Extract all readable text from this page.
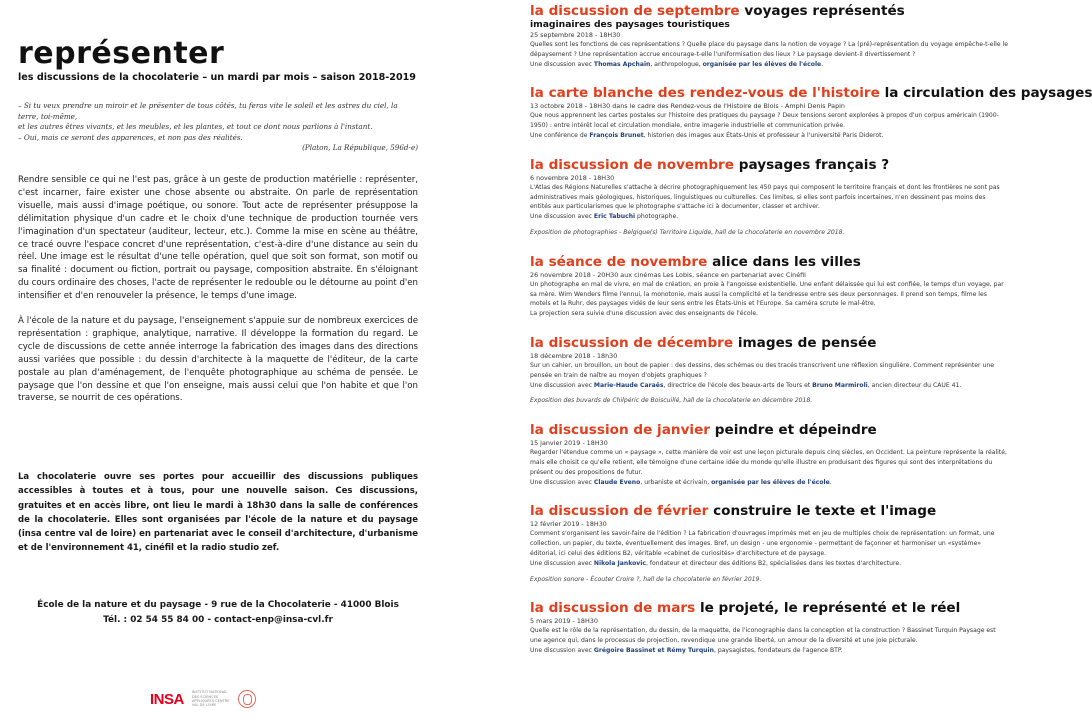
représenter
les discussions de la chocolaterie – un mardi par mois – saison 2018-2019

– Si tu veux prendre un miroir et le présenter de tous côtés, tu feras vite le soleil et les astres du ciel, la terre, toi-même,

et les autres êtres vivants, et les meubles, et les plantes, et tout ce dont nous parlions à l'instant.

– Oui, mais ce seront des apparences, et non pas des réalités.

(Platon, La République, 596d-e)

Rendre sensible ce qui ne l'est pas, grâce à un geste de production matérielle : représenter, c'est incarner, faire exister une chose absente ou abstraite. On parle de représentation visuelle, mais aussi d'image poétique, ou sonore. Tout acte de représenter présuppose la délimitation physique d'un cadre et le choix d'une technique de production tournée vers l'imagination d'un spectateur (auditeur, lecteur, etc.). Comme la mise en scène au théâtre, ce tracé ouvre l'espace concret d'une représentation, c'est-à-dire d'une distance au sein du réel. Une image est le résultat d'une telle opération, quel que soit son format, son motif ou sa finalité : document ou fiction, portrait ou paysage, composition abstraite. En s'éloignant du cours ordinaire des choses, l'acte de représenter le redouble ou le détourne au point d'en intensifier et d'en renouveler la présence, le temps d'une image.

À l'école de la nature et du paysage, l'enseignement s'appuie sur de nombreux exercices de représentation : graphique, analytique, narrative. Il développe la formation du regard. Le cycle de discussions de cette année interroge la fabrication des images dans des directions aussi variées que possible : du dessin d'architecte à la maquette de l'éditeur, de la carte postale au plan d'aménagement, de l'enquête photographique au schéma de pensée. Le paysage que l'on dessine et que l'on enseigne, mais aussi celui que l'on habite et que l'on traverse, se nourrit de ces opérations.

La chocolaterie ouvre ses portes pour accueillir des discussions publiques accessibles à toutes et à tous, pour une nouvelle saison. Ces discussions, gratuites et en accès libre, ont lieu le mardi à 18h30 dans la salle de conférences de la chocolaterie. Elles sont organisées par l'école de la nature et du paysage (insa centre val de loire) en partenariat avec le conseil d'architecture, d'urbanisme et de l'environnement 41, cinéfil et la radio studio zef.
École de la nature et du paysage - 9 rue de la Chocolaterie - 41000 Blois
Tél. : 02 54 55 84 00 - contact-enp@insa-cvl.fr
INSA INSTITUT NATIONAL DES SCIENCES APPLIQUÉES CENTRE VAL DE LOIRE
la discussion de septembre voyages représentés
imaginaires des paysages touristiques
25 septembre 2018 - 18H30

Quelles sont les fonctions de ces représentations ? Quelle place du paysage dans la notion de voyage ? La (pré)-représentation du voyage empêche-t-elle le dépaysement ? Une représentation accrue encourage-t-elle l'uniformisation des lieux ? Le paysage devient-il divertissement ?

Une discussion avec Thomas Apchain, anthropologue, organisée par les élèves de l'école.

la carte blanche des rendez-vous de l'histoire la circulation des paysages
13 octobre 2018 - 18H30 dans le cadre des Rendez-vous de l'Histoire de Blois - Amphi Denis Papin

Que nous apprennent les cartes postales sur l'histoire des pratiques du paysage ? Deux tensions seront explorées à propos d'un corpus américain (1900-1950) : entre intérêt local et circulation mondiale, entre imagerie industrielle et communication privée.

Une conférence de François Brunet, historien des images aux États-Unis et professeur à l'université Paris Diderot.

la discussion de novembre paysages français ?
6 novembre 2018 - 18H30

L'Atlas des Régions Naturelles s'attache à décrire photographiquement les 450 pays qui composent le territoire français et dont les frontières ne sont pas administratives mais géologiques, historiques, linguistiques ou culturelles. Ces limites, si elles sont parfois incertaines, n'en dessinent pas moins des entités aux particularismes que le photographe s'attache ici à documenter, classer et archiver.

Une discussion avec Eric Tabuchi photographe.

Exposition de photographies - Belgique(s) Territoire Liquide, hall de la chocolaterie en novembre 2018.
la séance de novembre alice dans les villes
26 novembre 2018 - 20H30 aux cinémas Les Lobis, séance en partenariat avec Cinéfil

Un photographe en mal de vivre, en mal de création, en proie à l'angoisse existentielle. Une enfant délaissée qui lui est confiée, le temps d'un voyage, par sa mère. Wim Wenders filme l'ennui, la monotonie, mais aussi la complicité et la tendresse entre ses deux personnages. Il prend son temps, filme les motels et la Ruhr, des paysages vidés de leur sens entre les États-Unis et l'Europe. Sa caméra scrute le mal-être.

La projection sera suivie d'une discussion avec des enseignants de l'école.

la discussion de décembre images de pensée
18 décembre 2018 - 18h30

Sur un cahier, un brouillon, un bout de papier : des dessins, des schémas ou des tracés transcrivent une réflexion singulière. Comment représenter une pensée en train de naître au moyen d'objets graphiques ?

Une discussion avec Marie-Haude Caraës, directrice de l'école des beaux-arts de Tours et Bruno Marmiroli, ancien directeur du CAUE 41.

Exposition des buvards de Chilpéric de Boiscuillé, hall de la chocolaterie en décembre 2018.
la discussion de janvier peindre et dépeindre
15 janvier 2019 - 18H30

Regarder l'étendue comme un « paysage », cette manière de voir est une leçon picturale depuis cinq siècles, en Occident. La peinture représente la réalité, mais elle choisit ce qu'elle retient, elle témoigne d'une certaine idée du monde qu'elle illustre en produisant des figures qui sont des interprétations du présent ou des propositions de futur.

Une discussion avec Claude Eveno, urbaniste et écrivain, organisée par les élèves de l'école.

la discussion de février construire le texte et l'image
12 février 2019 - 18H30

Comment s'organisent les savoir-faire de l'édition ? La fabrication d'ouvrages imprimés met en jeu de multiples choix de représentation: un format, une collection, un papier, du texte, éventuellement des images. Bref, un design - une ergonomie - permettant de façonner et harmoniser un «système» éditorial, ici celui des éditions B2, véritable «cabinet de curiosités» d'architecture et de paysage.

Une discussion avec Nikola Jankovic, fondateur et directeur des éditions B2, spécialisées dans les textes d'architecture.

Exposition sonore - Écouter Croire ?, hall de la chocolaterie en février 2019.
la discussion de mars le projeté, le représenté et le réel
5 mars 2019 - 18H30

Quelle est le rôle de la représentation, du dessin, de la maquette, de l'iconographie dans la conception et la construction ? Bassinet Turquin Paysage est une agence qui, dans le processus de projection, revendique une grande liberté, un amour de la diversité et une joie picturale.

Une discussion avec Grégoire Bassinet et Rémy Turquin, paysagistes, fondateurs de l'agence BTP.
